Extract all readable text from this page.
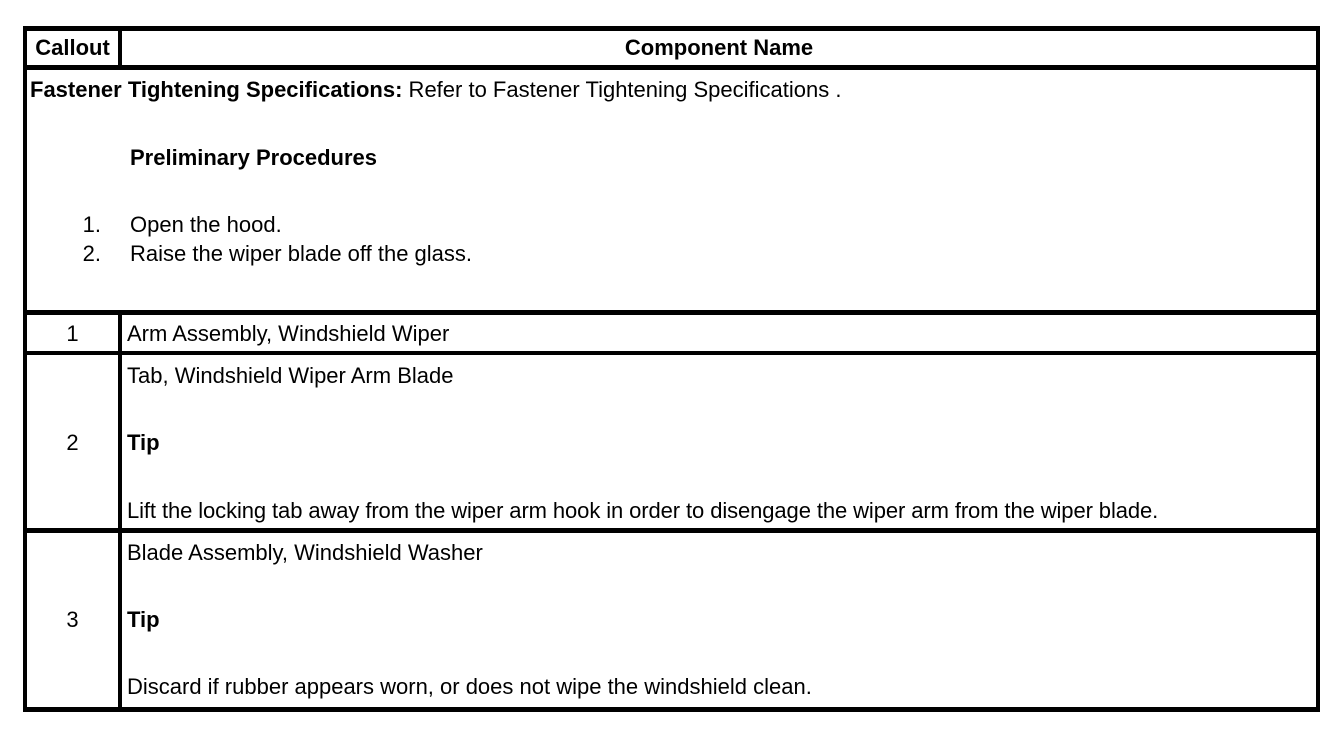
Callout	Component Name
Fastener Tightening Specifications: Refer to Fastener Tightening Specifications .
Preliminary Procedures
1. Open the hood.
2. Raise the wiper blade off the glass.
1	Arm Assembly, Windshield Wiper
2
Tab, Windshield Wiper Arm Blade
Tip
Lift the locking tab away from the wiper arm hook in order to disengage the wiper arm from the wiper blade.
3
Blade Assembly, Windshield Washer
Tip
Discard if rubber appears worn, or does not wipe the windshield clean.
